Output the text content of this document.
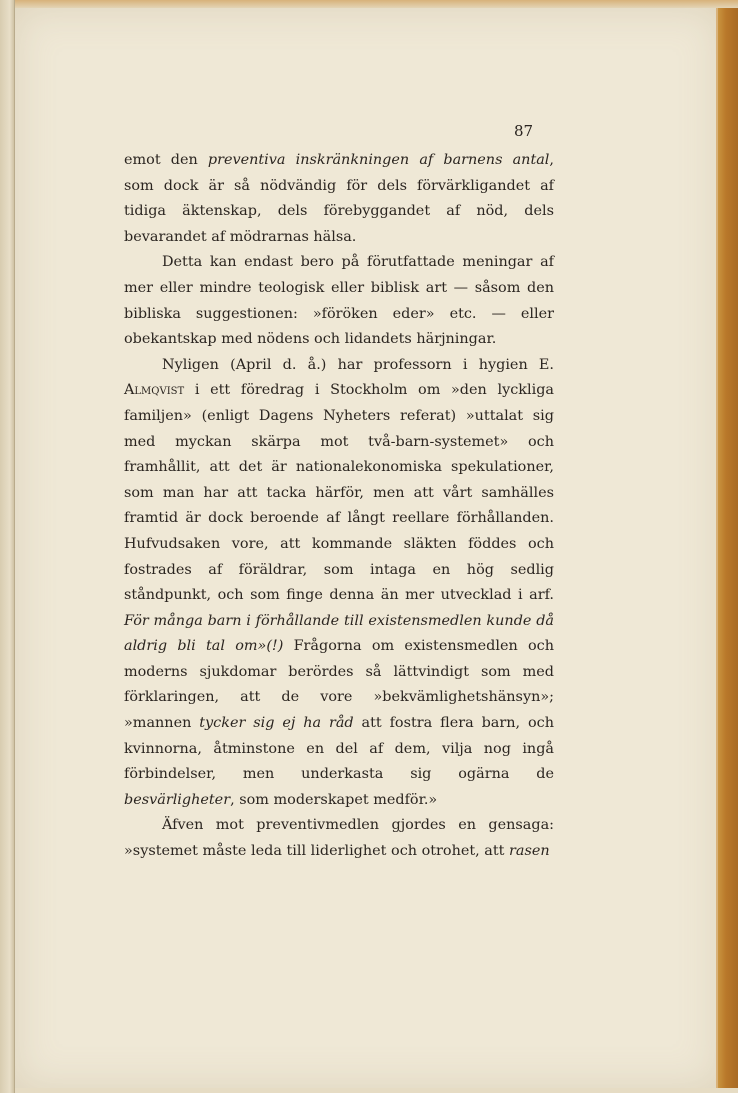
87

emot den preventiva inskränkningen af barnens antal, som dock är så nödvändig för dels förvärkligandet af tidiga äktenskap, dels förebyggandet af nöd, dels bevarandet af mödrarnas hälsa.

Detta kan endast bero på förutfattade meningar af mer eller mindre teologisk eller biblisk art — såsom den bibliska suggestionen: »föröken eder» etc. — eller obekantskap med nödens och lidandets härjningar.

Nyligen (April d. å.) har professorn i hygien E. Almqvist i ett föredrag i Stockholm om »den lyckliga familjen» (enligt Dagens Nyheters referat) »uttalat sig med myckan skärpa mot två-barn-systemet» och framhållit, att det är nationalekonomiska spekulationer, som man har att tacka härför, men att vårt samhälles framtid är dock beroende af långt reellare förhållanden. Hufvudsaken vore, att kommande släkten föddes och fostrades af föräldrar, som intaga en hög sedlig ståndpunkt, och som finge denna än mer utvecklad i arf. För många barn i förhållande till existensmedlen kunde då aldrig bli tal om»(!) Frågorna om existensmedlen och moderns sjukdomar berördes så lättvindigt som med förklaringen, att de vore »bekvämlighetshänsyn»; »mannen tycker sig ej ha råd att fostra flera barn, och kvinnorna, åtminstone en del af dem, vilja nog ingå förbindelser, men underkasta sig ogärna de besvärligheter, som moderskapet medför.»

Äfven mot preventivmedlen gjordes en gensaga: »systemet måste leda till liderlighet och otrohet, att rasen
